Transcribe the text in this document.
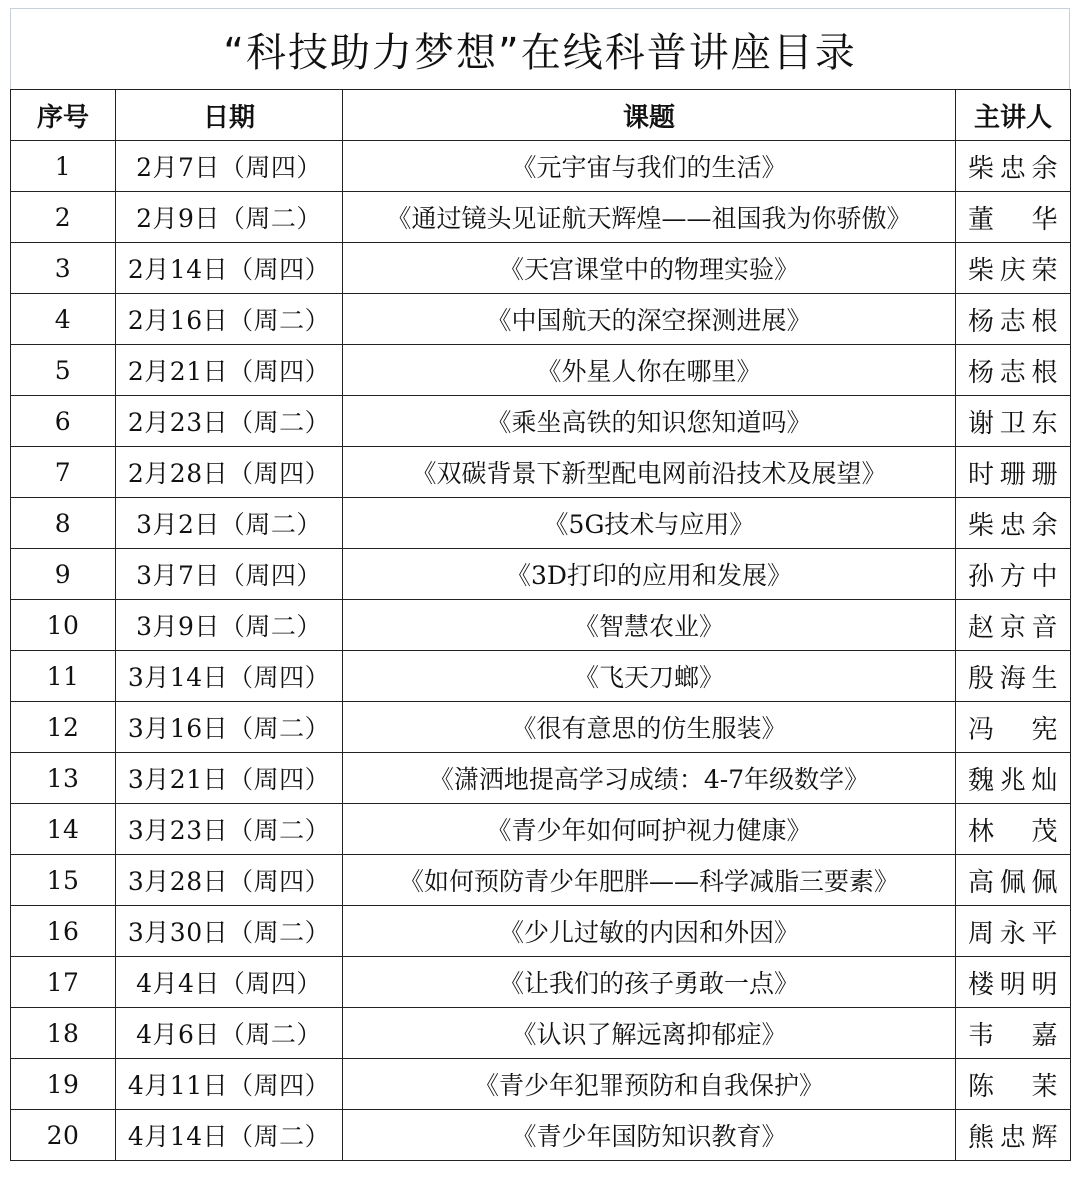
“科技助力梦想”在线科普讲座目录
序号	日期	课题	主讲人
1	2月7日（周四）	《元宇宙与我们的生活》	柴忠余
2	2月9日（周二）	《通过镜头见证航天辉煌——祖国我为你骄傲》	董 华
3	2月14日（周四）	《天宫课堂中的物理实验》	柴庆荣
4	2月16日（周二）	《中国航天的深空探测进展》	杨志根
5	2月21日（周四）	《外星人你在哪里》	杨志根
6	2月23日（周二）	《乘坐高铁的知识您知道吗》	谢卫东
7	2月28日（周四）	《双碳背景下新型配电网前沿技术及展望》	时珊珊
8	3月2日（周二）	《5G技术与应用》	柴忠余
9	3月7日（周四）	《3D打印的应用和发展》	孙方中
10	3月9日（周二）	《智慧农业》	赵京音
11	3月14日（周四）	《飞天刀螂》	殷海生
12	3月16日（周二）	《很有意思的仿生服装》	冯 宪
13	3月21日（周四）	《潇洒地提高学习成绩：4-7年级数学》	魏兆灿
14	3月23日（周二）	《青少年如何呵护视力健康》	林 茂
15	3月28日（周四）	《如何预防青少年肥胖——科学减脂三要素》	高佩佩
16	3月30日（周二）	《少儿过敏的内因和外因》	周永平
17	4月4日（周四）	《让我们的孩子勇敢一点》	楼明明
18	4月6日（周二）	《认识了解远离抑郁症》	韦 嘉
19	4月11日（周四）	《青少年犯罪预防和自我保护》	陈 茉
20	4月14日（周二）	《青少年国防知识教育》	熊忠辉
